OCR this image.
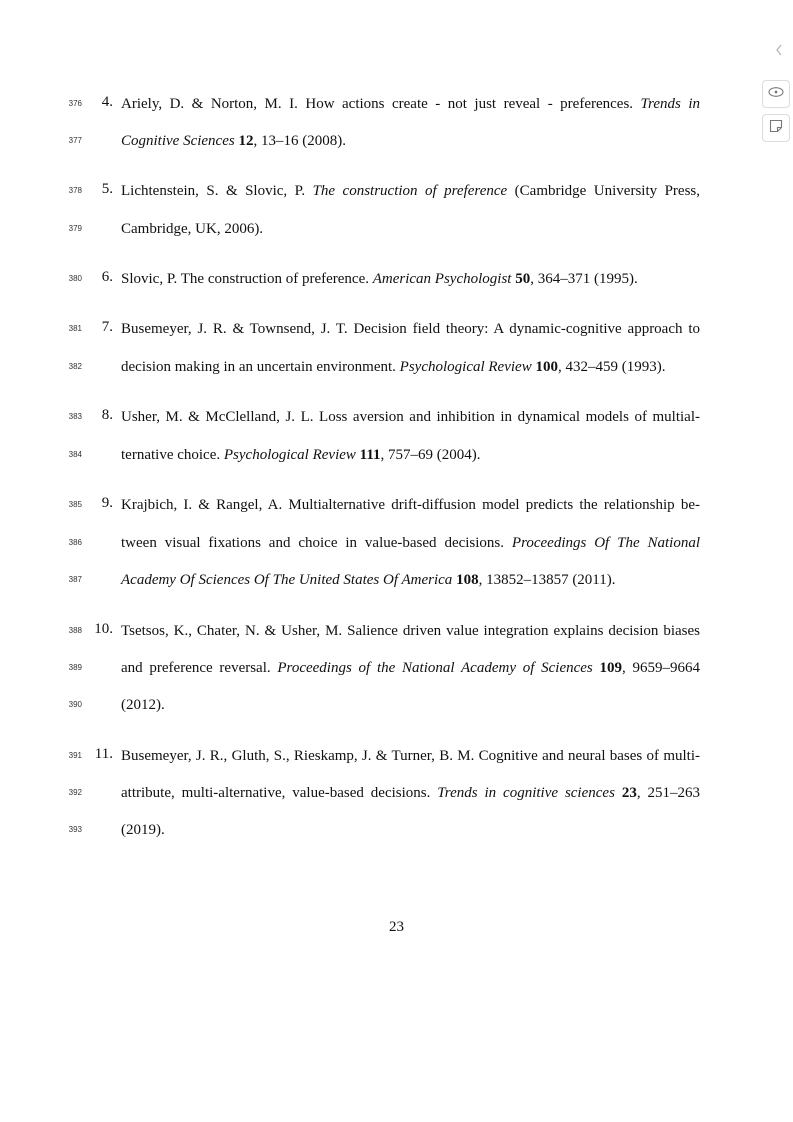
376 4. Ariely, D. & Norton, M. I. How actions create - not just reveal - preferences. Trends in
377	Cognitive Sciences 12, 13–16 (2008).
378 5. Lichtenstein, S. & Slovic, P. The construction of preference (Cambridge University Press,
379	Cambridge, UK, 2006).
380 6. Slovic, P. The construction of preference. American Psychologist 50, 364–371 (1995).
381 7. Busemeyer, J. R. & Townsend, J. T. Decision field theory: A dynamic-cognitive approach to
382	decision making in an uncertain environment. Psychological Review 100, 432–459 (1993).
383 8. Usher, M. & McClelland, J. L. Loss aversion and inhibition in dynamical models of multial-
384	ternative choice. Psychological Review 111, 757–69 (2004).
385 9. Krajbich, I. & Rangel, A. Multialternative drift-diffusion model predicts the relationship be-
386	tween visual fixations and choice in value-based decisions. Proceedings Of The National
387	Academy Of Sciences Of The United States Of America 108, 13852–13857 (2011).
388 10. Tsetsos, K., Chater, N. & Usher, M. Salience driven value integration explains decision biases
389	and preference reversal. Proceedings of the National Academy of Sciences 109, 9659–9664
390	(2012).
391 11. Busemeyer, J. R., Gluth, S., Rieskamp, J. & Turner, B. M. Cognitive and neural bases of multi-
392	attribute, multi-alternative, value-based decisions. Trends in cognitive sciences 23, 251–263
393	(2019).
23
